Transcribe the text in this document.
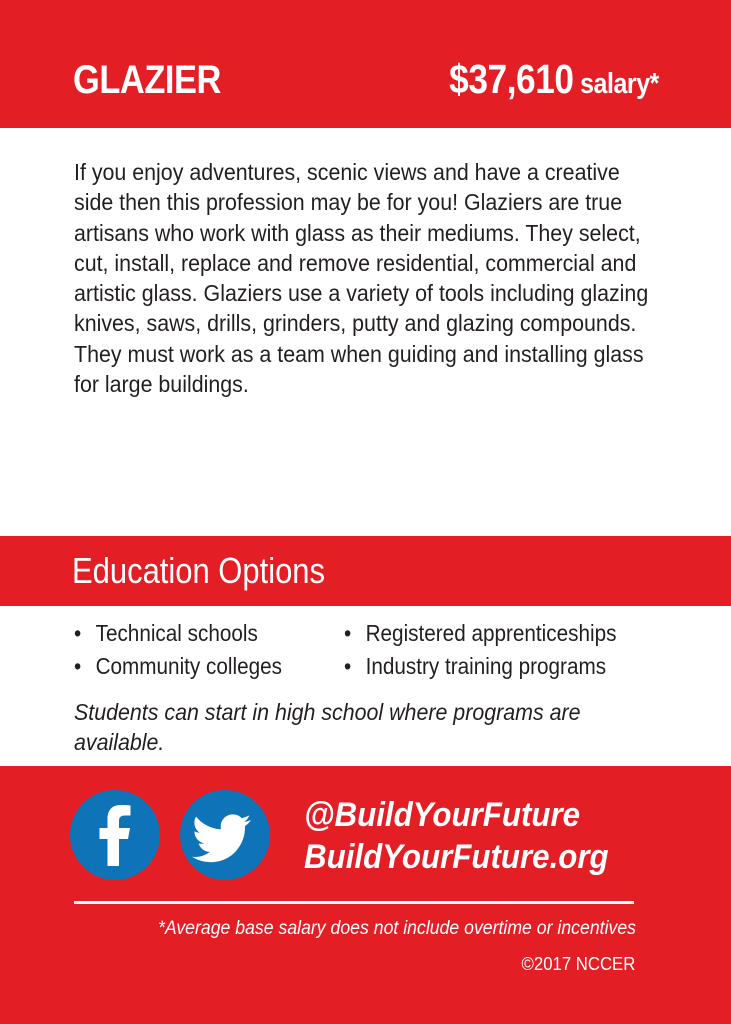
GLAZIER	$37,610 salary*
If you enjoy adventures, scenic views and have a creative side then this profession may be for you! Glaziers are true artisans who work with glass as their mediums. They select, cut, install, replace and remove residential, commercial and artistic glass. Glaziers use a variety of tools including glazing knives, saws, drills, grinders, putty and glazing compounds. They must work as a team when guiding and installing glass for large buildings.
Education Options
• Technical schools
• Community colleges
• Registered apprenticeships
• Industry training programs
Students can start in high school where programs are available.
@BuildYourFuture
BuildYourFuture.org
*Average base salary does not include overtime or incentives
©2017 NCCER
